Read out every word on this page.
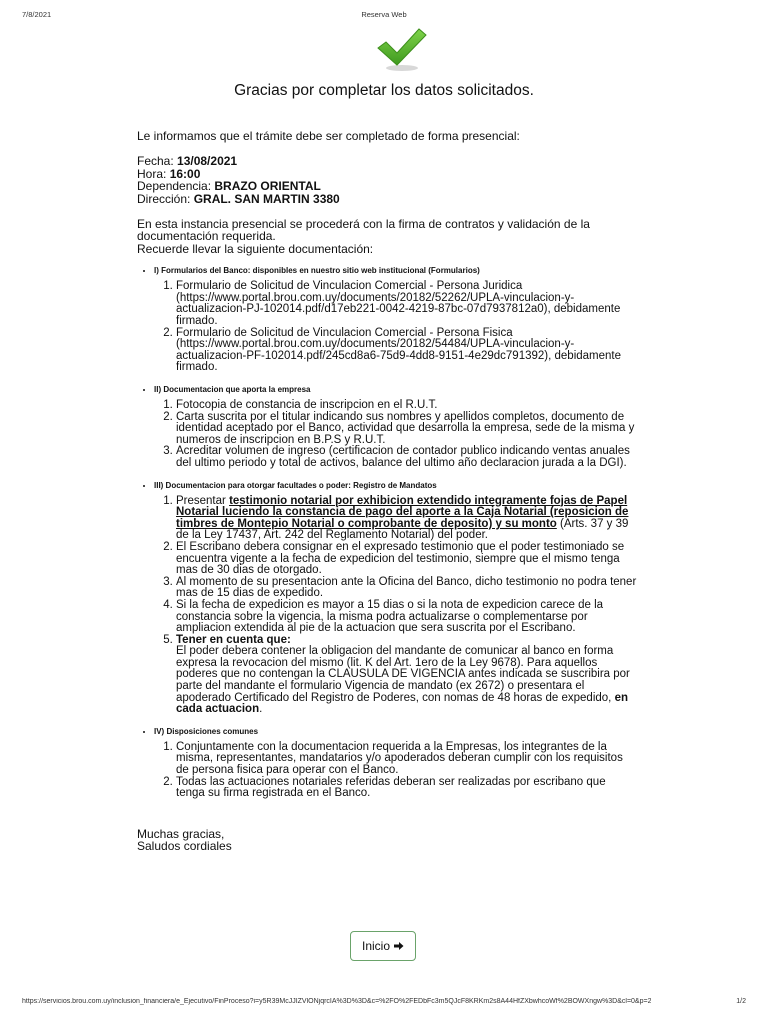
7/8/2021	Reserva Web
Gracias por completar los datos solicitados.

Le informamos que el trámite debe ser completado de forma presencial:

Fecha: 13/08/2021
Hora: 16:00
Dependencia: BRAZO ORIENTAL
Dirección: GRAL. SAN MARTIN 3380

En esta instancia presencial se procederá con la firma de contratos y validación de la documentación requerida.

Recuerde llevar la siguiente documentación:

• I) Formularios del Banco: disponibles en nuestro sitio web institucional (Formularios)
1. Formulario de Solicitud de Vinculacion Comercial - Persona Juridica (https://www.portal.brou.com.uy/documents/20182/52262/UPLA-vinculacion-y-actualizacion-PJ-102014.pdf/d17eb221-0042-4219-87bc-07d7937812a0), debidamente firmado.
2. Formulario de Solicitud de Vinculacion Comercial - Persona Fisica (https://www.portal.brou.com.uy/documents/20182/54484/UPLA-vinculacion-y-actualizacion-PF-102014.pdf/245cd8a6-75d9-4dd8-9151-4e29dc791392), debidamente firmado.
• II) Documentacion que aporta la empresa
1. Fotocopia de constancia de inscripcion en el R.U.T.
2. Carta suscrita por el titular indicando sus nombres y apellidos completos, documento de identidad aceptado por el Banco, actividad que desarrolla la empresa, sede de la misma y numeros de inscripcion en B.P.S y R.U.T.
3. Acreditar volumen de ingreso (certificacion de contador publico indicando ventas anuales del ultimo periodo y total de activos, balance del ultimo año declaracion jurada a la DGI).
• III) Documentacion para otorgar facultades o poder: Registro de Mandatos
1. Presentar testimonio notarial por exhibicion extendido integramente fojas de Papel Notarial luciendo la constancia de pago del aporte a la Caja Notarial (reposicion de timbres de Montepio Notarial o comprobante de deposito) y su monto (Arts. 37 y 39 de la Ley 17437, Art. 242 del Reglamento Notarial) del poder.
2. El Escribano debera consignar en el expresado testimonio que el poder testimoniado se encuentra vigente a la fecha de expedicion del testimonio, siempre que el mismo tenga mas de 30 dias de otorgado.
3. Al momento de su presentacion ante la Oficina del Banco, dicho testimonio no podra tener mas de 15 dias de expedido.
4. Si la fecha de expedicion es mayor a 15 dias o si la nota de expedicion carece de la constancia sobre la vigencia, la misma podra actualizarse o complementarse por ampliacion extendida al pie de la actuacion que sera suscrita por el Escribano.
5. Tener en cuenta que:
El poder debera contener la obligacion del mandante de comunicar al banco en forma expresa la revocacion del mismo (lit. K del Art. 1ero de la Ley 9678). Para aquellos poderes que no contengan la CLAUSULA DE VIGENCIA antes indicada se suscribira por parte del mandante el formulario Vigencia de mandato (ex 2672) o presentara el apoderado Certificado del Registro de Poderes, con nomas de 48 horas de expedido, en cada actuacion.
• IV) Disposiciones comunes
1. Conjuntamente con la documentacion requerida a la Empresas, los integrantes de la misma, representantes, mandatarios y/o apoderados deberan cumplir con los requisitos de persona fisica para operar con el Banco.
2. Todas las actuaciones notariales referidas deberan ser realizadas por escribano que tenga su firma registrada en el Banco.

Muchas gracias,
Saludos cordiales

Inicio
https://servicios.brou.com.uy/inclusion_financiera/e_Ejecutivo/FinProceso?i=y5R39McJJIZVlONjqrcIA%3D%3D&c=%2FO%2FEDbFc3m5QJcF8KRKm2s8A44HfZXbwhcoWf%2BOWXngw%3D&cl=0&p=2	1/2
